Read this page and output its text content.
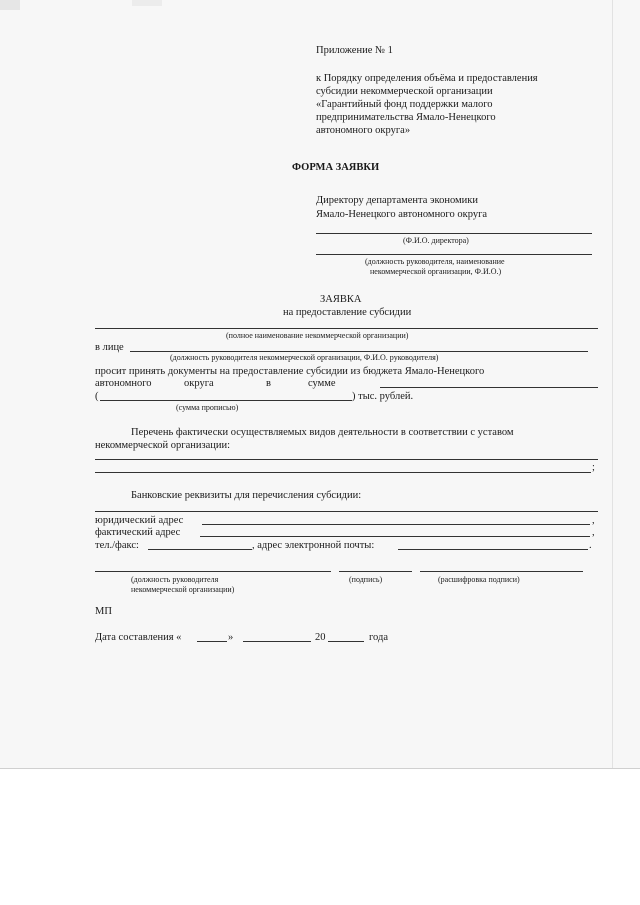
Приложение № 1
к Порядку определения объёма и предоставления
субсидии некоммерческой организации
«Гарантийный фонд поддержки малого
предпринимательства Ямало-Ненецкого
автономного округа»
ФОРМА ЗАЯВКИ
Директору департамента экономики
Ямало-Ненецкого автономного округа
(Ф.И.О. директора)
(должность руководителя, наименование
некоммерческой организации, Ф.И.О.)
ЗАЯВКА
на предоставление субсидии
(полное наименование некоммерческой организации)
в лице
(должность руководителя некоммерческой организации, Ф.И.О. руководителя)
просит принять документы на предоставление субсидии из бюджета Ямало-Ненецкого
автономного	округа	в	сумме
(	) тыс. рублей.
(сумма прописью)
Перечень фактически осуществляемых видов деятельности в соответствии с уставом
некоммерческой организации:
;
Банковские реквизиты для перечисления субсидии:
юридический адрес	,
фактический адрес	,
тел./факс:	, адрес электронной почты:	.
(должность руководителя
некоммерческой организации)
(подпись)	(расшифровка подписи)
МП
Дата составления «	»	20	года
